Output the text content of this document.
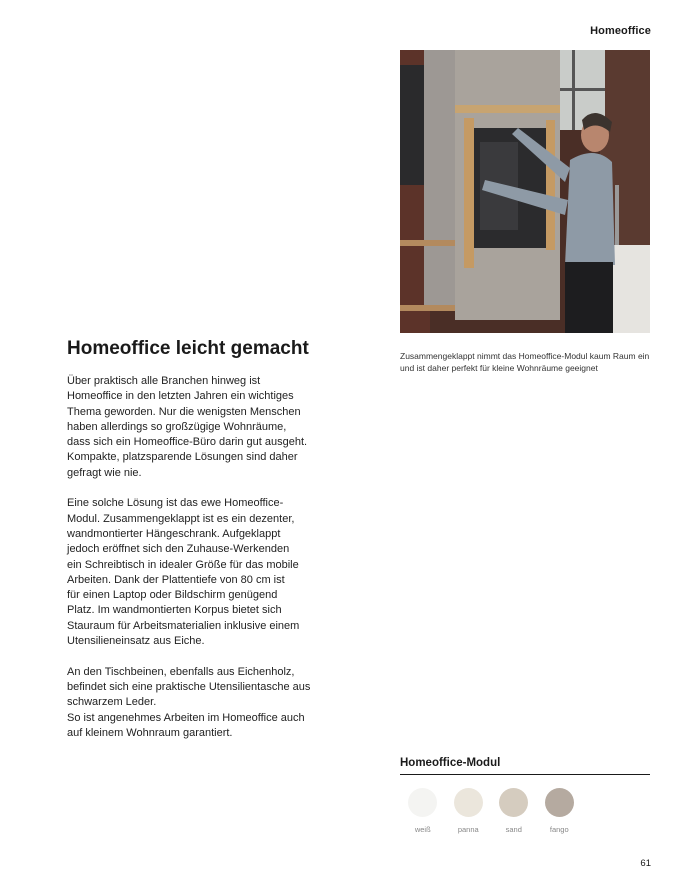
Homeoffice
Zusammengeklappt nimmt das Homeoffice-Modul kaum Raum ein und ist daher perfekt für kleine Wohnräume geeignet
Homeoffice leicht gemacht

Über praktisch alle Branchen hinweg ist
Homeoffice in den letzten Jahren ein wichtiges
Thema geworden. Nur die wenigsten Menschen
haben allerdings so großzügige Wohnräume,
dass sich ein Homeoffice-Büro darin gut ausgeht.
Kompakte, platzsparende Lösungen sind daher
gefragt wie nie.

Eine solche Lösung ist das ewe Homeoffice-
Modul. Zusammengeklappt ist es ein dezenter,
wandmontierter Hängeschrank. Aufgeklappt
jedoch eröffnet sich den Zuhause-Werkenden
ein Schreibtisch in idealer Größe für das mobile
Arbeiten. Dank der Plattentiefe von 80 cm ist
für einen Laptop oder Bildschirm genügend
Platz. Im wandmontierten Korpus bietet sich
Stauraum für Arbeitsmaterialien inklusive einem
Utensilieneinsatz aus Eiche.

An den Tischbeinen, ebenfalls aus Eichenholz,
befindet sich eine praktische Utensilientasche aus
schwarzem Leder.
So ist angenehmes Arbeiten im Homeoffice auch
auf kleinem Wohnraum garantiert.

Homeoffice-Modul
weiß	panna	sand	fango
61
